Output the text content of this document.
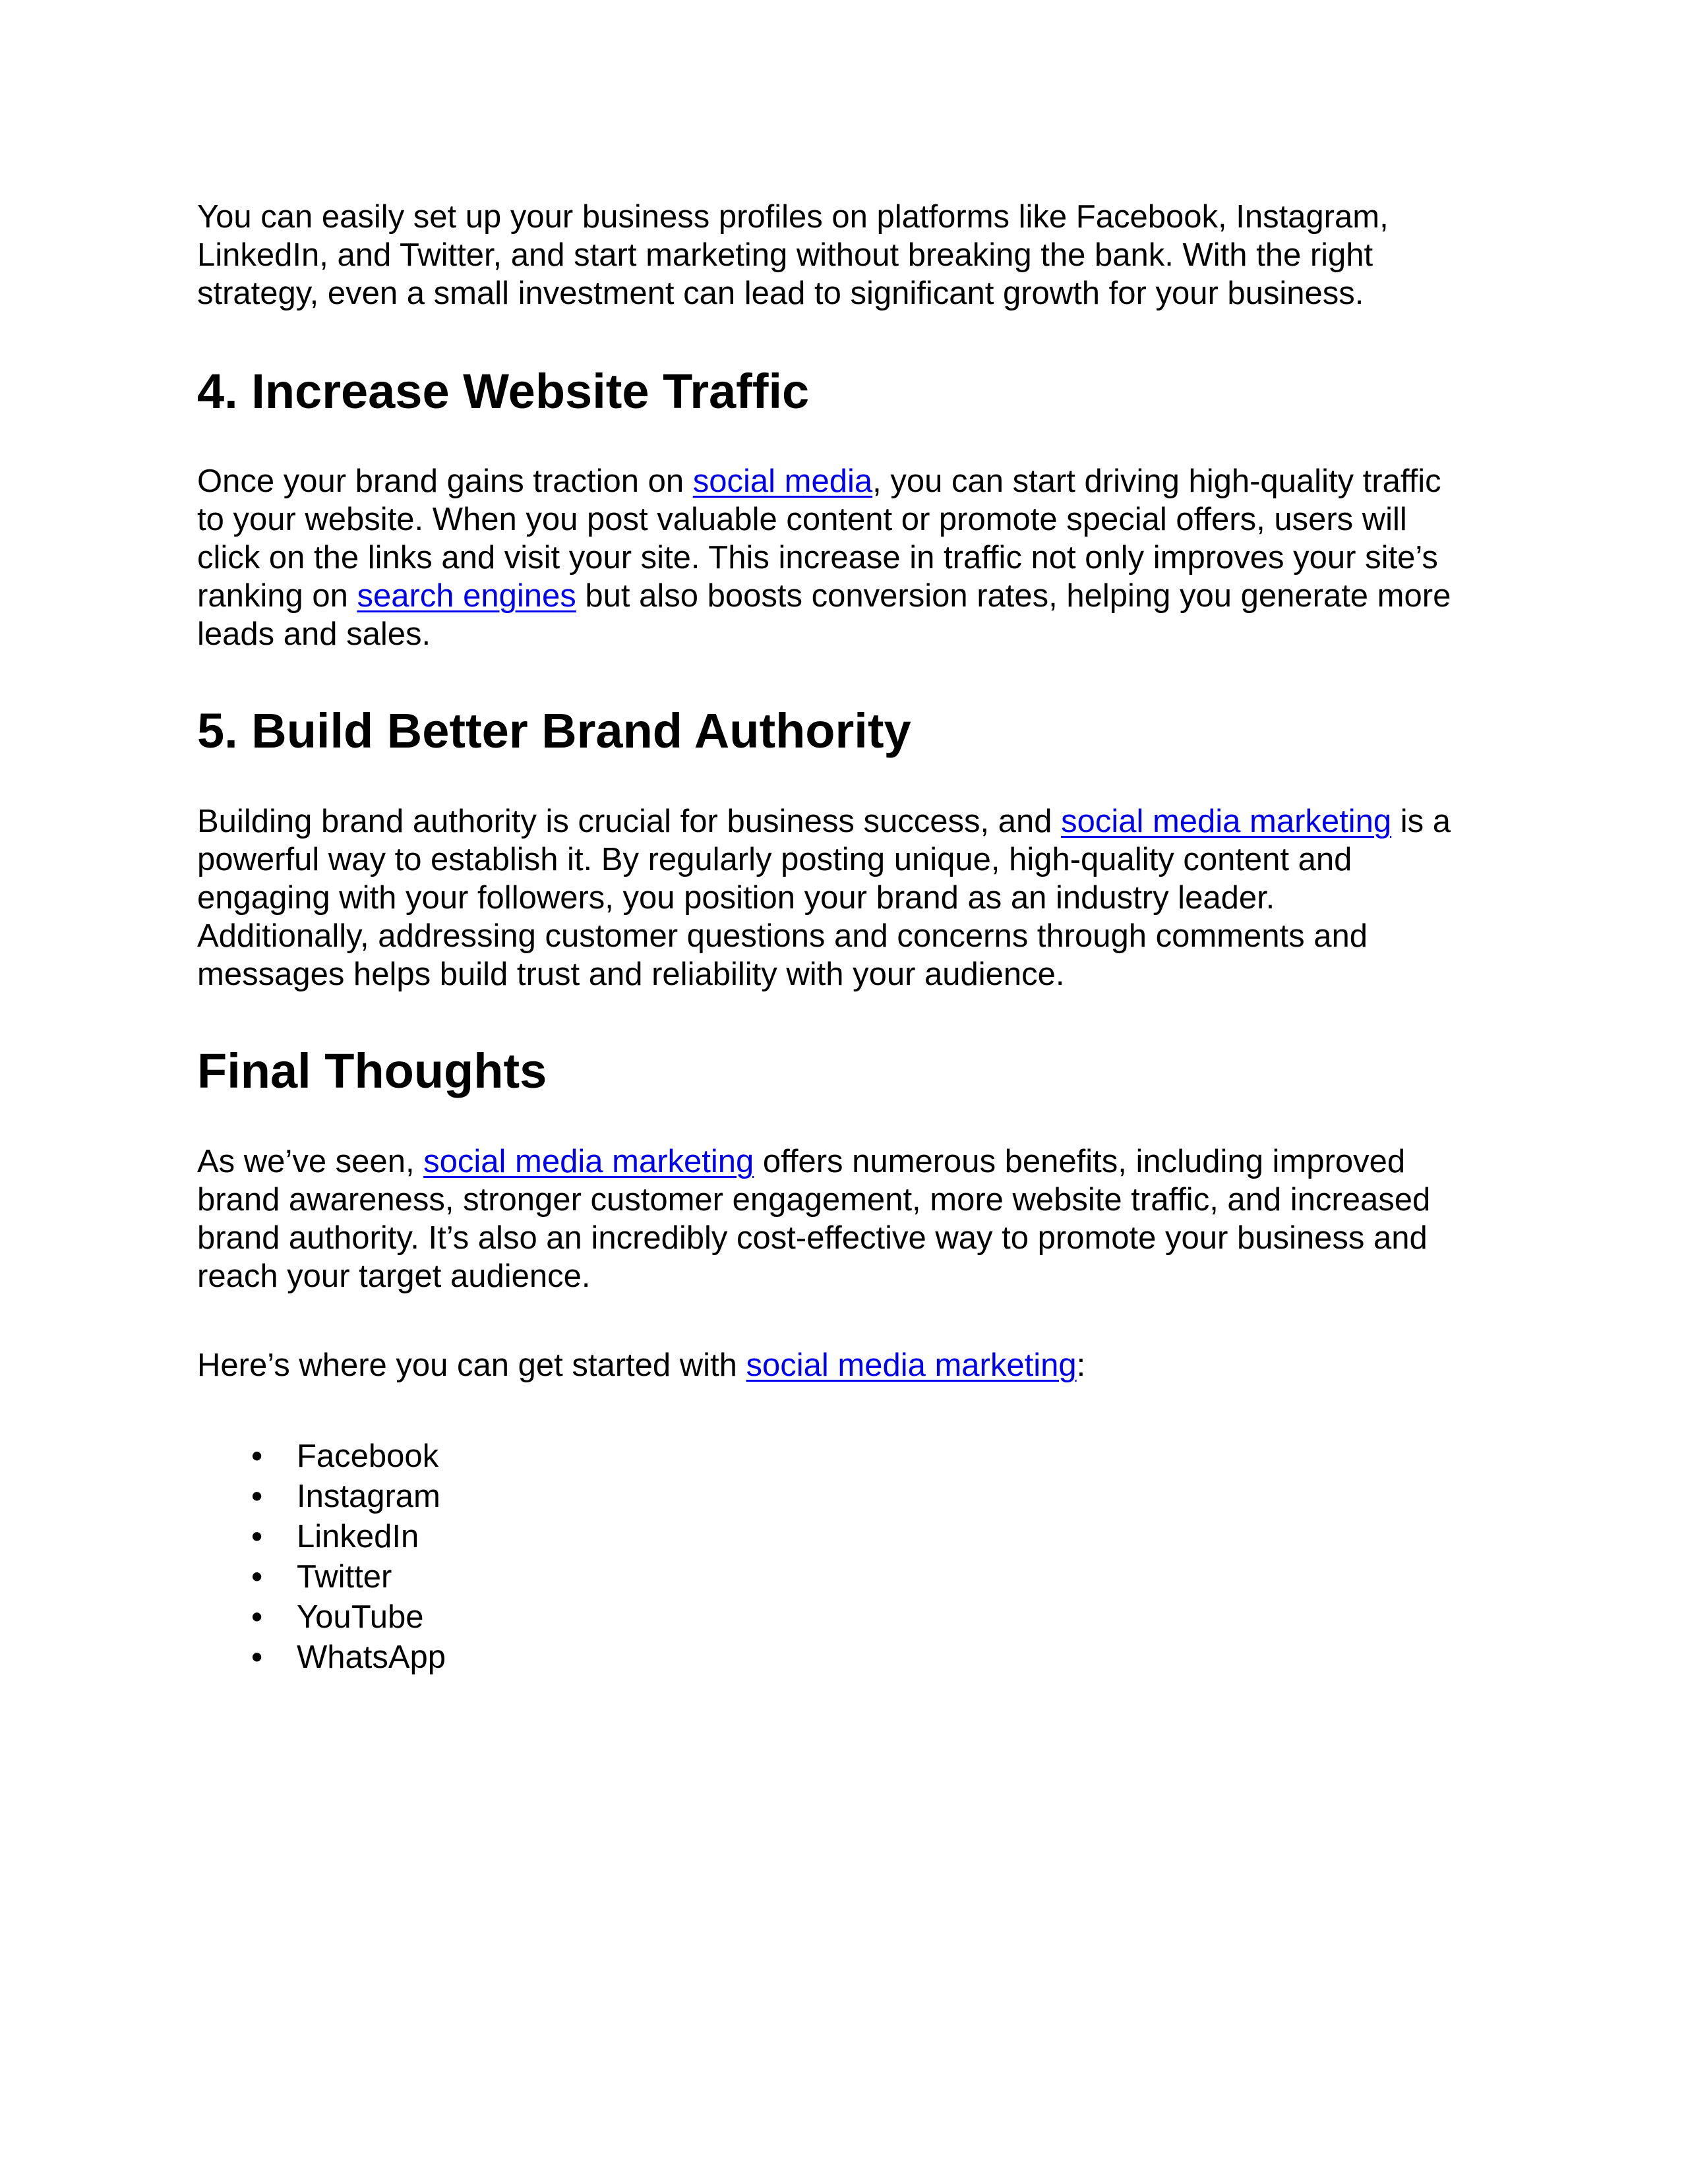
You can easily set up your business profiles on platforms like Facebook, Instagram,
LinkedIn, and Twitter, and start marketing without breaking the bank. With the right
strategy, even a small investment can lead to significant growth for your business.
4. Increase Website Traffic
Once your brand gains traction on social media, you can start driving high-quality traffic
to your website. When you post valuable content or promote special offers, users will
click on the links and visit your site. This increase in traffic not only improves your site’s
ranking on search engines but also boosts conversion rates, helping you generate more
leads and sales.
5. Build Better Brand Authority
Building brand authority is crucial for business success, and social media marketing is a
powerful way to establish it. By regularly posting unique, high-quality content and
engaging with your followers, you position your brand as an industry leader.
Additionally, addressing customer questions and concerns through comments and
messages helps build trust and reliability with your audience.
Final Thoughts
As we’ve seen, social media marketing offers numerous benefits, including improved
brand awareness, stronger customer engagement, more website traffic, and increased
brand authority. It’s also an incredibly cost-effective way to promote your business and
reach your target audience.
Here’s where you can get started with social media marketing:
• Facebook
• Instagram
• LinkedIn
• Twitter
• YouTube
• WhatsApp
